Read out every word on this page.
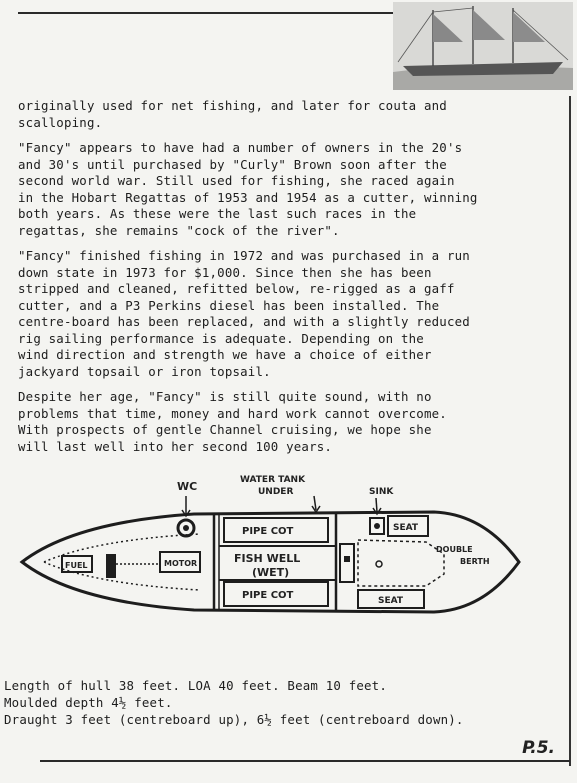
originally used for net fishing, and later for couta and
scalloping.

"Fancy" appears to have had a number of owners in the 20's
and 30's until purchased by "Curly" Brown soon after the
second world war. Still used for fishing, she raced again
in the Hobart Regattas of 1953 and 1954 as a cutter, winning
both years. As these were the last such races in the
regattas, she remains "cock of the river".

"Fancy" finished fishing in 1972 and was purchased in a run
down state in 1973 for $1,000. Since then she has been
stripped and cleaned, refitted below, re-rigged as a gaff
cutter, and a P3 Perkins diesel has been installed. The
centre-board has been replaced, and with a slightly reduced
rig sailing performance is adequate. Depending on the
wind direction and strength we have a choice of either
jackyard topsail or iron topsail.

Despite her age, "Fancy" is still quite sound, with no
problems that time, money and hard work cannot overcome.
With prospects of gentle Channel cruising, we hope she
will last well into her second 100 years.

FUEL	MOTOR
WC
PIPE COT
PIPE COT
FISH WELL
(WET)
WATER TANK
UNDER	SINK
SEAT
SEAT
DOUBLE
BERTH
Length of hull 38 feet. LOA 40 feet. Beam 10 feet.
Moulded depth 4½ feet.
Draught 3 feet (centreboard up), 6½ feet (centreboard down).
P.5.
